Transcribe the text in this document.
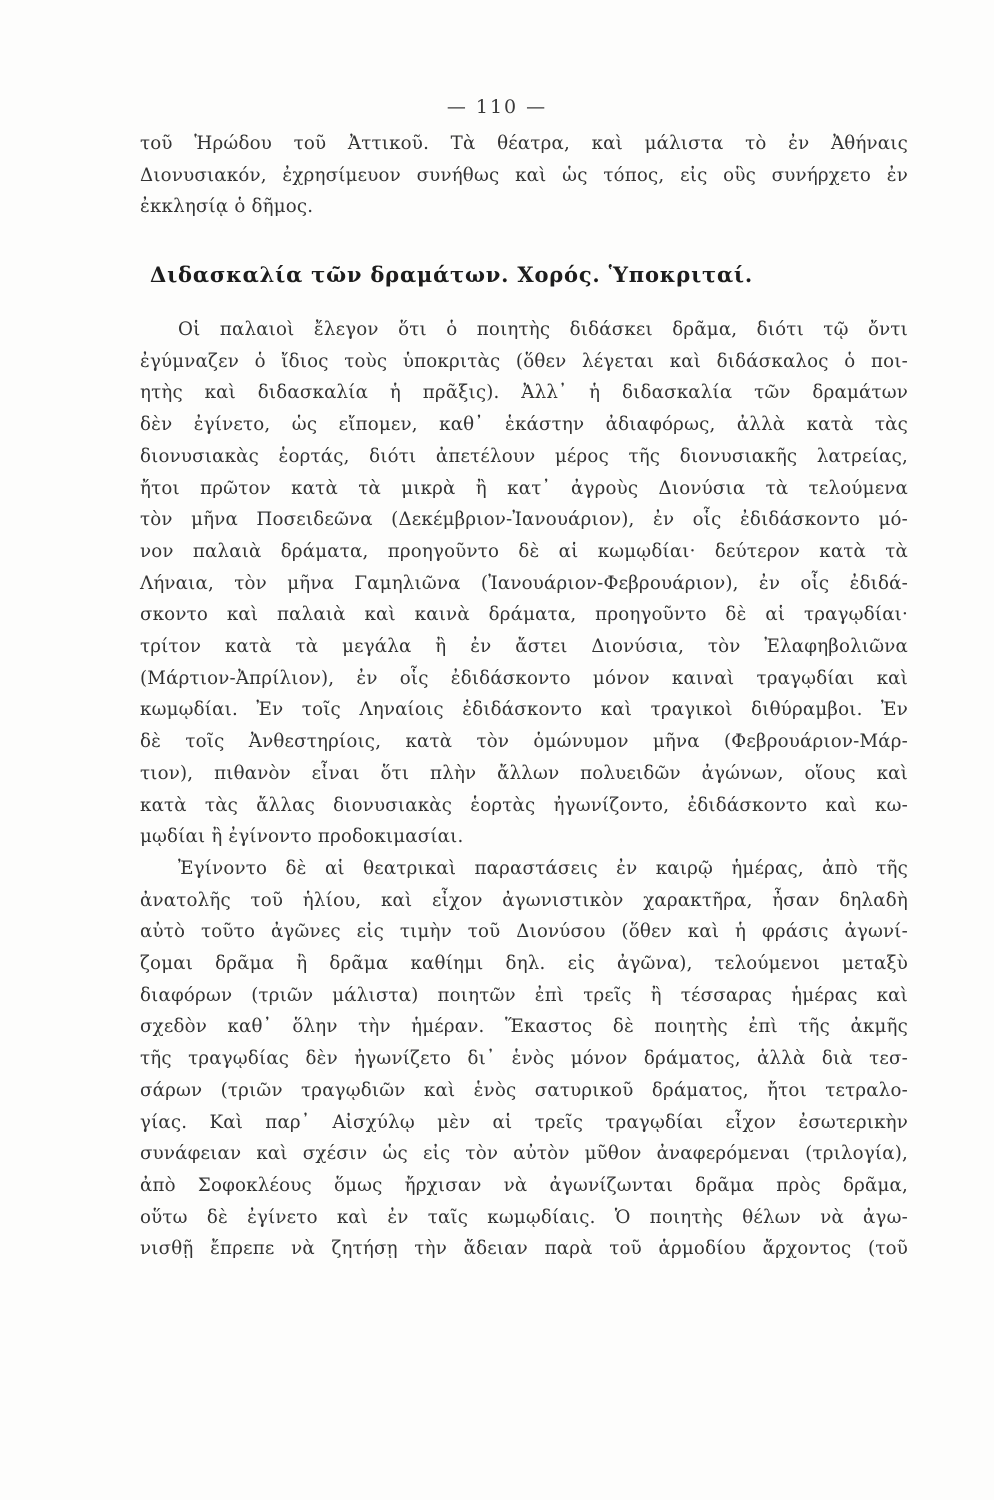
— 110 —
τοῦ Ἡρώδου τοῦ Ἀττικοῦ. Τὰ θέατρα, καὶ μάλιστα τὸ ἐν Ἀθήναις
Διονυσιακόν, ἐχρησίμευον συνήθως καὶ ὡς τόπος, εἰς οὓς συνήρχετο ἐν
ἐκκλησίᾳ ὁ δῆμος.
Διδασκαλία τῶν δραμάτων. Χορός. Ὑποκριταί.
Οἱ παλαιοὶ ἔλεγον ὅτι ὁ ποιητὴς διδάσκει δρᾶμα, διότι τῷ ὄντι
ἐγύμναζεν ὁ ἴδιος τοὺς ὑποκριτὰς (ὅθεν λέγεται καὶ διδάσκαλος ὁ ποι-
ητὴς καὶ διδασκαλία ἡ πρᾶξις). Ἀλλ᾽ ἡ διδασκαλία τῶν δραμάτων
δὲν ἐγίνετο, ὡς εἴπομεν, καθ᾽ ἑκάστην ἀδιαφόρως, ἀλλὰ κατὰ τὰς
διονυσιακὰς ἑορτάς, διότι ἀπετέλουν μέρος τῆς διονυσιακῆς λατρείας,
ἤτοι πρῶτον κατὰ τὰ μικρὰ ἢ κατ᾽ ἀγροὺς Διονύσια τὰ τελούμενα
τὸν μῆνα Ποσειδεῶνα (Δεκέμβριον-Ἰανουάριον), ἐν οἷς ἐδιδάσκοντο μό-
νον παλαιὰ δράματα, προηγοῦντο δὲ αἱ κωμῳδίαι· δεύτερον κατὰ τὰ
Λήναια, τὸν μῆνα Γαμηλιῶνα (Ἰανουάριον-Φεβρουάριον), ἐν οἷς ἐδιδά-
σκοντο καὶ παλαιὰ καὶ καινὰ δράματα, προηγοῦντο δὲ αἱ τραγῳδίαι·
τρίτον κατὰ τὰ μεγάλα ἢ ἐν ἄστει Διονύσια, τὸν Ἐλαφηβολιῶνα
(Μάρτιον-Ἀπρίλιον), ἐν οἷς ἐδιδάσκοντο μόνον καιναὶ τραγῳδίαι καὶ
κωμῳδίαι. Ἐν τοῖς Ληναίοις ἐδιδάσκοντο καὶ τραγικοὶ διθύραμβοι. Ἐν
δὲ τοῖς Ἀνθεστηρίοις, κατὰ τὸν ὁμώνυμον μῆνα (Φεβρουάριον-Μάρ-
τιον), πιθανὸν εἶναι ὅτι πλὴν ἄλλων πολυειδῶν ἀγώνων, οἵους καὶ
κατὰ τὰς ἄλλας διονυσιακὰς ἑορτὰς ἠγωνίζοντο, ἐδιδάσκοντο καὶ κω-
μῳδίαι ἢ ἐγίνοντο προδοκιμασίαι.
Ἐγίνοντο δὲ αἱ θεατρικαὶ παραστάσεις ἐν καιρῷ ἡμέρας, ἀπὸ τῆς
ἀνατολῆς τοῦ ἡλίου, καὶ εἶχον ἀγωνιστικὸν χαρακτῆρα, ἦσαν δηλαδὴ
αὐτὸ τοῦτο ἀγῶνες εἰς τιμὴν τοῦ Διονύσου (ὅθεν καὶ ἡ φράσις ἀγωνί-
ζομαι δρᾶμα ἢ δρᾶμα καθίημι δηλ. εἰς ἀγῶνα), τελούμενοι μεταξὺ
διαφόρων (τριῶν μάλιστα) ποιητῶν ἐπὶ τρεῖς ἢ τέσσαρας ἡμέρας καὶ
σχεδὸν καθ᾽ ὅλην τὴν ἡμέραν. Ἕκαστος δὲ ποιητὴς ἐπὶ τῆς ἀκμῆς
τῆς τραγῳδίας δὲν ἠγωνίζετο δι᾽ ἑνὸς μόνον δράματος, ἀλλὰ διὰ τεσ-
σάρων (τριῶν τραγῳδιῶν καὶ ἑνὸς σατυρικοῦ δράματος, ἤτοι τετραλο-
γίας. Καὶ παρ᾽ Αἰσχύλῳ μὲν αἱ τρεῖς τραγῳδίαι εἶχον ἐσωτερικὴν
συνάφειαν καὶ σχέσιν ὡς εἰς τὸν αὐτὸν μῦθον ἀναφερόμεναι (τριλογία),
ἀπὸ Σοφοκλέους ὅμως ἤρχισαν νὰ ἀγωνίζωνται δρᾶμα πρὸς δρᾶμα,
οὕτω δὲ ἐγίνετο καὶ ἐν ταῖς κωμῳδίαις. Ὁ ποιητὴς θέλων νὰ ἀγω-
νισθῇ ἔπρεπε νὰ ζητήσῃ τὴν ἄδειαν παρὰ τοῦ ἁρμοδίου ἄρχοντος (τοῦ
